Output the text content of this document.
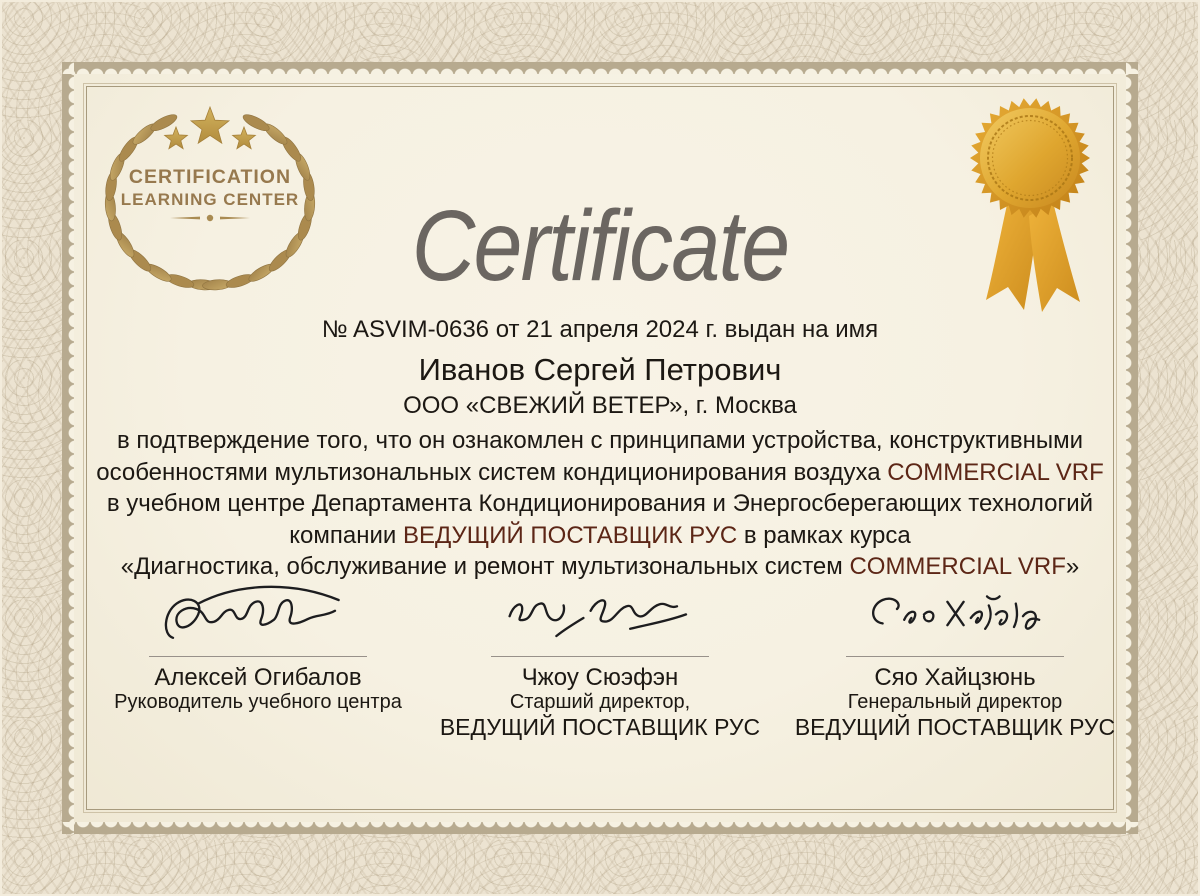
CERTIFICATION
LEARNING CENTER	Certificate
№ ASVIM-0636 от 21 апреля 2024 г. выдан на имя
Иванов Сергей Петрович
ООО «СВЕЖИЙ ВЕТЕР», г. Москва
в подтверждение того, что он ознакомлен с принципами устройства, конструктивными
особенностями мультизональных систем кондиционирования воздуха COMMERCIAL VRF
в учебном центре Департамента Кондиционирования и Энергосберегающих технологий
компании ВЕДУЩИЙ ПОСТАВЩИК РУС в рамках курса
«Диагностика, обслуживание и ремонт мультизональных систем COMMERCIAL VRF»
Алексей Огибалов
Руководитель учебного центра
Чжоу Сюэфэн
Старший директор,
ВЕДУЩИЙ ПОСТАВЩИК РУС
Сяо Хайцзюнь
Генеральный директор
ВЕДУЩИЙ ПОСТАВЩИК РУС
